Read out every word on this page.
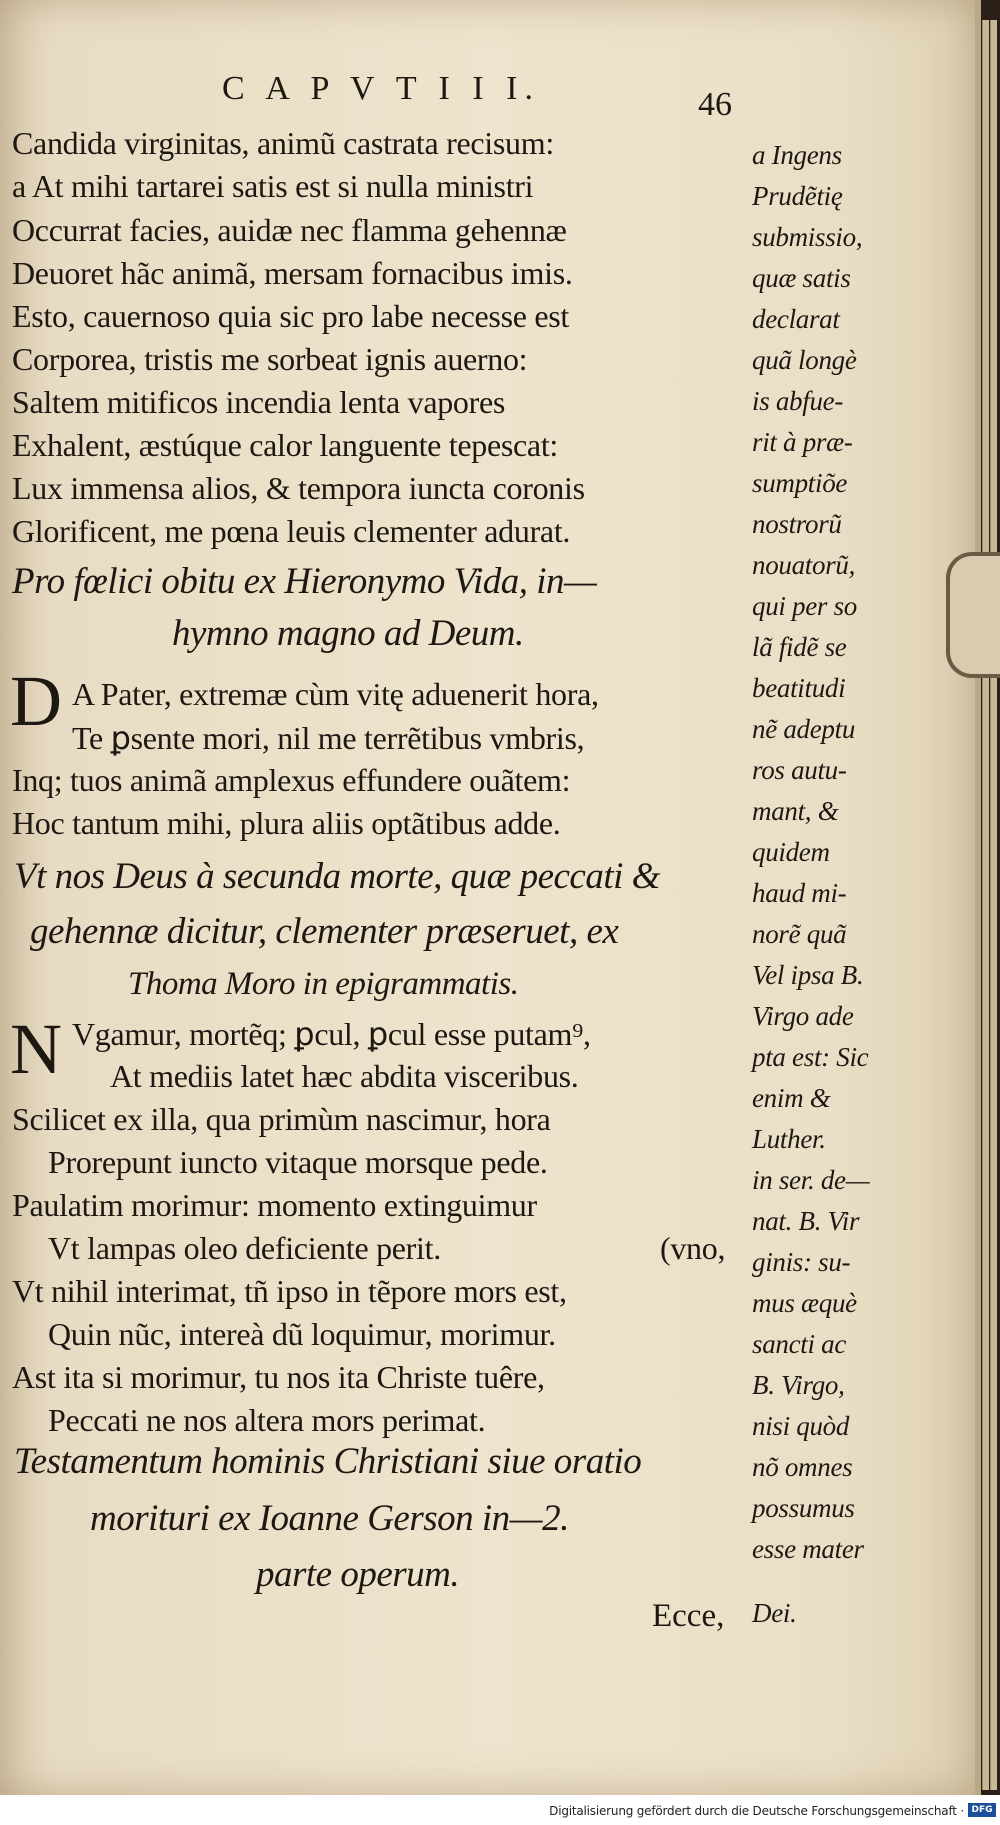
C A P V T I I I.	46
Candida virginitas, animũ castrata recisum:
a At mihi tartarei satis est si nulla ministri
Occurrat facies, auidæ nec flamma gehennæ
Deuoret hãc animã, mersam fornacibus imis.
Esto, cauernoso quia sic pro labe necesse est
Corporea, tristis me sorbeat ignis auerno:
Saltem mitificos incendia lenta vapores
Exhalent, æstúque calor languente tepescat:
Lux immensa alios, & tempora iuncta coronis
Glorificent, me pœna leuis clementer adurat.
Pro fœlici obitu ex Hieronymo Vida, in—
hymno magno ad Deum.
D A Pater, extremæ cùm vitę aduenerit hora,
Te ꝑsente mori, nil me terrẽtibus vmbris,
Inq; tuos animã amplexus effundere ouãtem:
Hoc tantum mihi, plura aliis optãtibus adde.
Vt nos Deus à secunda morte, quæ peccati &
gehennæ dicitur, clementer præseruet, ex
Thoma Moro in epigrammatis.
N Vgamur, mortẽq; ꝑcul, ꝑcul esse putam⁹,
At mediis latet hæc abdita visceribus.
Scilicet ex illa, qua primùm nascimur, hora
Prorepunt iuncto vitaque morsque pede.
Paulatim morimur: momento extinguimur
Vt lampas oleo deficiente perit.	(vno,
Vt nihil interimat, tñ ipso in tẽpore mors est,
Quin nũc, intereà dũ loquimur, morimur.
Ast ita si morimur, tu nos ita Christe tuêre,
Peccati ne nos altera mors perimat.
Testamentum hominis Christiani siue oratio
morituri ex Ioanne Gerson in—2.
parte operum.
Ecce,
a Ingens
Prudẽtię
submissio,
quæ satis
declarat
quã longè
is abfue-
rit à præ-
sumptiõe
nostrorũ
nouatorũ,
qui per so
lã fidẽ se
beatitudi
nẽ adeptu
ros autu-
mant, &
quidem
haud mi-
norẽ quã
Vel ipsa B.
Virgo ade
pta est: Sic
enim &
Luther.
in ser. de—
nat. B. Vir
ginis: su-
mus æquè
sancti ac
B. Virgo,
nisi quòd
nõ omnes
possumus
esse mater
Dei.
Digitalisierung gefördert durch die Deutsche Forschungsgemeinschaft · DFG
